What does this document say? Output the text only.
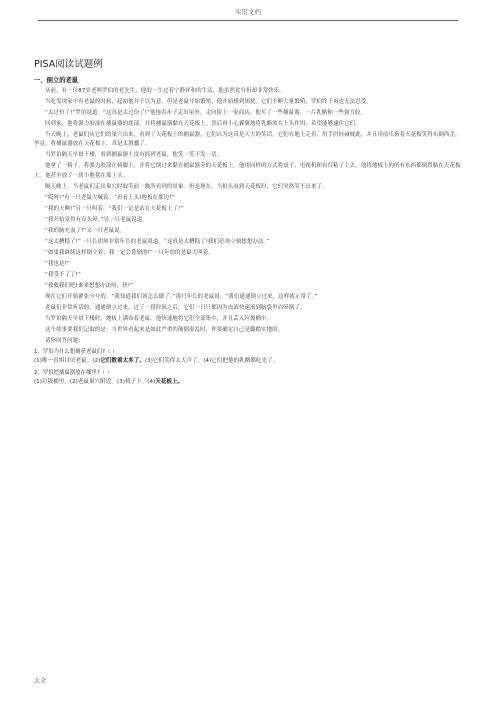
实用文档
PISA阅读试题例
一、倒立的老鼠

从前，有一位87岁老叫罗伯的老先生，他的一生过着宁静祥和的生活，他虽然贫穷但却非常快乐。

当吃发现家中有老鼠的时候，起初他并不以为意。但是老鼠开始繁殖，他开始感到困扰。它们不断大量繁殖，罗伯终于再也无法忍受。

“太过份了!”罗伯说道。“这真是太过份了!”他拖着步子走出屋外，走向街上一家商店，他买了一些捕鼠器、一片乳酪和一些强力胶。

回到家，他将强力胶涂在捕鼠器的底部，并将捕鼠器黏在天花板上。然后再小心翼翼地将乳酪放在上头作饵，希望能够逮住它们。

当天晚上，老鼠们从它们的巢穴出来，看到了天花板上的捕鼠器，它们认为这真是天大的笑话。它们在地上走着，用手肘轻碰彼此，并且用前爪指着天花板笑得东倒西歪。毕竟，将捕鼠器放在天花板上，真是太愚蠢了。

当罗伯隔天早晨下楼，看到捕鼠器上没有抓到老鼠，他笑一笑不发一语。

他拿了一椅子，将强力胶涂在椅脚上，并将它倒过来黏在捕鼠器旁的天花板上。他用同样的方式将桌子、电视机和台灯粘了上去。他将地板上的所有东西都倒置粘在天花板上。他甚至放了一块小地毯在那上头。

隔天晚上，当老鼠们走出巢穴时取笑前一晚所看到的景象。但是现在，当抬头看到天花板时，它们突然笑不出来了。

“哎呀!”有一只老鼠大喊着。“看看上头!地板在那边!”

“我的天啊!”另一只叫着。“我们一定是站在天花板上了!”

“我开始觉得有点头晕。”另一只老鼠说道。

“我的脑充血了!”又一只老鼠说。

“这太糟糕了!”一只长胡须非常年长的老鼠说道。“这真是太糟糕了!我们必须立刻想想办法。”

“如果我继续这样倒立着，我一定会昏倒的!”一只年幼的老鼠大叫着。

“我也是!”

“我受不了了!”

“救救我们吧!谁来想想办法呀，快!”

现在它们开始紧张兮兮的。“我知道我们该怎么做了。”那只年长的老鼠说。“我们通通倒立过来，这样就正常了。”

老鼠们非常听话的，通通倒立过来。过了一段时间之后，它们一只只都因为血液快速流到脑袋里而晕倒了。

当罗伯隔天早晨下楼时，地板上满布着老鼠。他快速地将它们全部集中，并且丢入垃圾桶中。

这个故事要我们记取的是：当世界看起来是如此严重的颠倒混乱时，你要确定自己是脚踏实地的。

请你回答问题：

1、罗伯为什么想捕获老鼠们?（ ）

(1)唯一真惧讨厌老鼠。(2)它们数着太多了。(3)它们笑得太大声了。(4)它们把他的乳酪都吃光了。

2、罗伯把捕鼠器放在哪里?（ ）

(1)垃圾桶里。(2)老鼠巢穴附近。(3)椅子下。(4)天花板上。

大全
